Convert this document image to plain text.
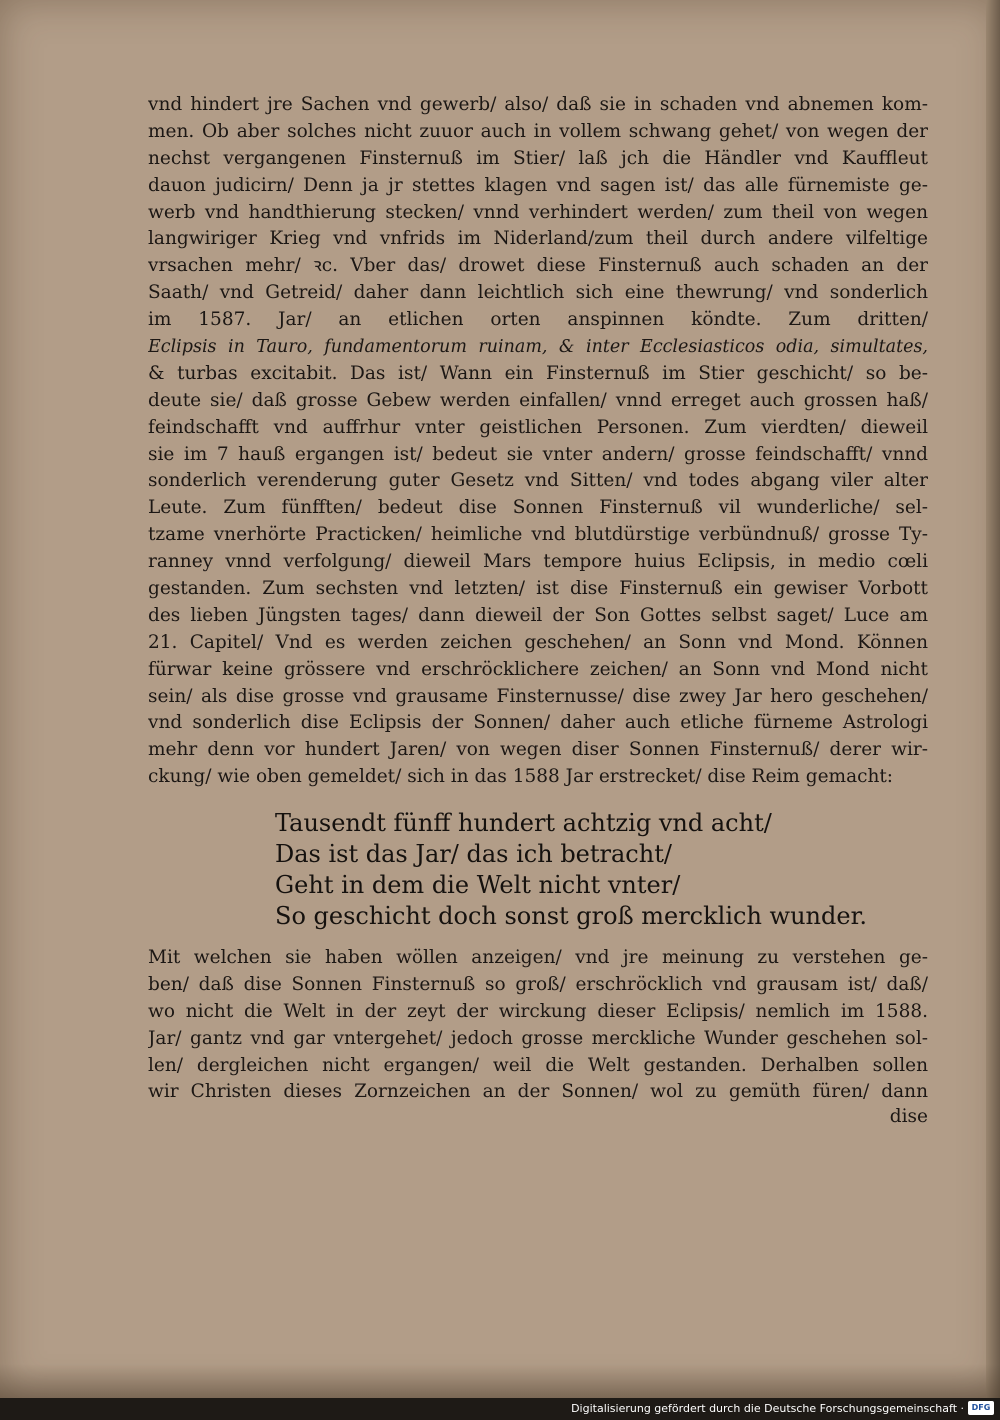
vnd hindert jre Sachen vnd gewerb/ also/ daß sie in schaden vnd abnemen kom-
men. Ob aber solches nicht zuuor auch in vollem schwang gehet/ von wegen der
nechst vergangenen Finsternuß im Stier/ laß jch die Händler vnd Kauffleut
dauon judicirn/ Denn ja jr stettes klagen vnd sagen ist/ das alle fürnemiste ge-
werb vnd handthierung stecken/ vnnd verhindert werden/ zum theil von wegen
langwiriger Krieg vnd vnfrids im Niderland/zum theil durch andere vilfeltige
vrsachen mehr/ ꝛc. Vber das/ drowet diese Finsternuß auch schaden an der
Saath/ vnd Getreid/ daher dann leichtlich sich eine thewrung/ vnd sonderlich
im 1587. Jar/ an etlichen orten anspinnen köndte. Zum dritten/
Eclipsis in Tauro, fundamentorum ruinam, & inter Ecclesiasticos odia, simultates,
& turbas excitabit. Das ist/ Wann ein Finsternuß im Stier geschicht/ so be-
deute sie/ daß grosse Gebew werden einfallen/ vnnd erreget auch grossen haß/
feindschafft vnd auffrhur vnter geistlichen Personen. Zum vierdten/ dieweil
sie im 7 hauß ergangen ist/ bedeut sie vnter andern/ grosse feindschafft/ vnnd
sonderlich verenderung guter Gesetz vnd Sitten/ vnd todes abgang viler alter
Leute. Zum fünfften/ bedeut dise Sonnen Finsternuß vil wunderliche/ sel-
tzame vnerhörte Practicken/ heimliche vnd blutdürstige verbündnuß/ grosse Ty-
ranney vnnd verfolgung/ dieweil Mars tempore huius Eclipsis, in medio cœli
gestanden. Zum sechsten vnd letzten/ ist dise Finsternuß ein gewiser Vorbott
des lieben Jüngsten tages/ dann dieweil der Son Gottes selbst saget/ Luce am
21. Capitel/ Vnd es werden zeichen geschehen/ an Sonn vnd Mond. Können
fürwar keine grössere vnd erschröcklichere zeichen/ an Sonn vnd Mond nicht
sein/ als dise grosse vnd grausame Finsternusse/ dise zwey Jar hero geschehen/
vnd sonderlich dise Eclipsis der Sonnen/ daher auch etliche fürneme Astrologi
mehr denn vor hundert Jaren/ von wegen diser Sonnen Finsternuß/ derer wir-
ckung/ wie oben gemeldet/ sich in das 1588 Jar erstrecket/ dise Reim gemacht:
Tausendt fünff hundert achtzig vnd acht/
Das ist das Jar/ das ich betracht/
Geht in dem die Welt nicht vnter/
So geschicht doch sonst groß mercklich wunder.
Mit welchen sie haben wöllen anzeigen/ vnd jre meinung zu verstehen ge-
ben/ daß dise Sonnen Finsternuß so groß/ erschröcklich vnd grausam ist/ daß/
wo nicht die Welt in der zeyt der wirckung dieser Eclipsis/ nemlich im 1588.
Jar/ gantz vnd gar vntergehet/ jedoch grosse merckliche Wunder geschehen sol-
len/ dergleichen nicht ergangen/ weil die Welt gestanden. Derhalben sollen
wir Christen dieses Zornzeichen an der Sonnen/ wol zu gemüth füren/ dann
dise
Digitalisierung gefördert durch die Deutsche Forschungsgemeinschaft · DFG
